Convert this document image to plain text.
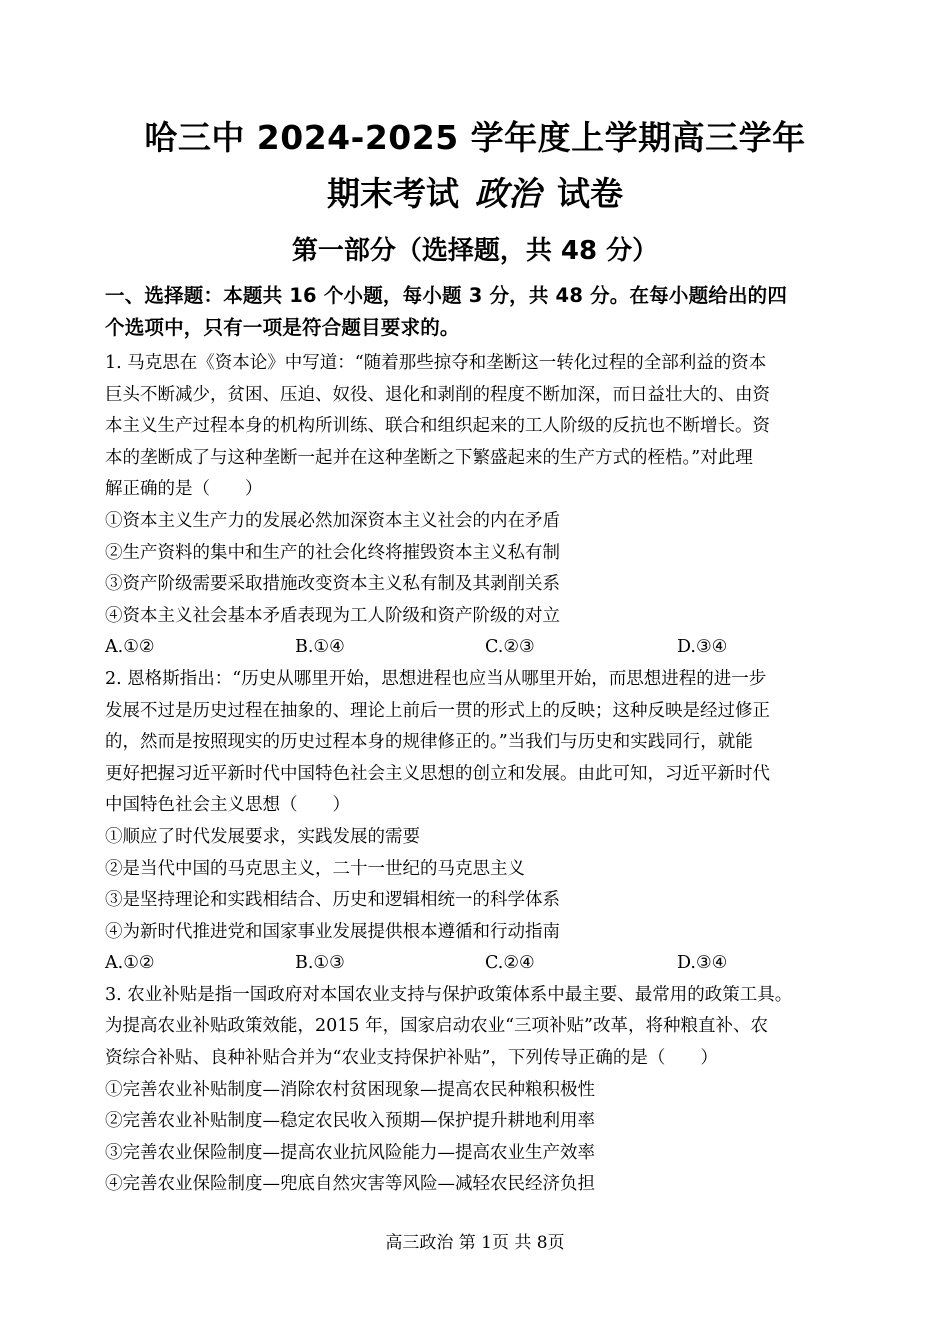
哈三中 2024-2025 学年度上学期高三学年
期末考试 政治 试卷
第一部分（选择题，共 48 分）
一、选择题：本题共 16 个小题，每小题 3 分，共 48 分。在每小题给出的四
个选项中，只有一项是符合题目要求的。
1. 马克思在《资本论》中写道：“随着那些掠夺和垄断这一转化过程的全部利益的资本
巨头不断减少，贫困、压迫、奴役、退化和剥削的程度不断加深，而日益壮大的、由资
本主义生产过程本身的机构所训练、联合和组织起来的工人阶级的反抗也不断增长。资
本的垄断成了与这种垄断一起并在这种垄断之下繁盛起来的生产方式的桎梏。”对此理
解正确的是（　　）
①资本主义生产力的发展必然加深资本主义社会的内在矛盾
②生产资料的集中和生产的社会化终将摧毁资本主义私有制
③资产阶级需要采取措施改变资本主义私有制及其剥削关系
④资本主义社会基本矛盾表现为工人阶级和资产阶级的对立
A.①②	B.①④	C.②③	D.③④
2. 恩格斯指出：“历史从哪里开始，思想进程也应当从哪里开始，而思想进程的进一步
发展不过是历史过程在抽象的、理论上前后一贯的形式上的反映；这种反映是经过修正
的，然而是按照现实的历史过程本身的规律修正的。”当我们与历史和实践同行，就能
更好把握习近平新时代中国特色社会主义思想的创立和发展。由此可知，习近平新时代
中国特色社会主义思想（　　）
①顺应了时代发展要求，实践发展的需要
②是当代中国的马克思主义，二十一世纪的马克思主义
③是坚持理论和实践相结合、历史和逻辑相统一的科学体系
④为新时代推进党和国家事业发展提供根本遵循和行动指南
A.①②	B.①③	C.②④	D.③④
3. 农业补贴是指一国政府对本国农业支持与保护政策体系中最主要、最常用的政策工具。
为提高农业补贴政策效能，2015 年，国家启动农业“三项补贴”改革，将种粮直补、农
资综合补贴、良种补贴合并为“农业支持保护补贴”，下列传导正确的是（　　）
①完善农业补贴制度—消除农村贫困现象—提高农民种粮积极性
②完善农业补贴制度—稳定农民收入预期—保护提升耕地利用率
③完善农业保险制度—提高农业抗风险能力—提高农业生产效率
④完善农业保险制度—兜底自然灾害等风险—减轻农民经济负担
高三政治 第 1页 共 8页
